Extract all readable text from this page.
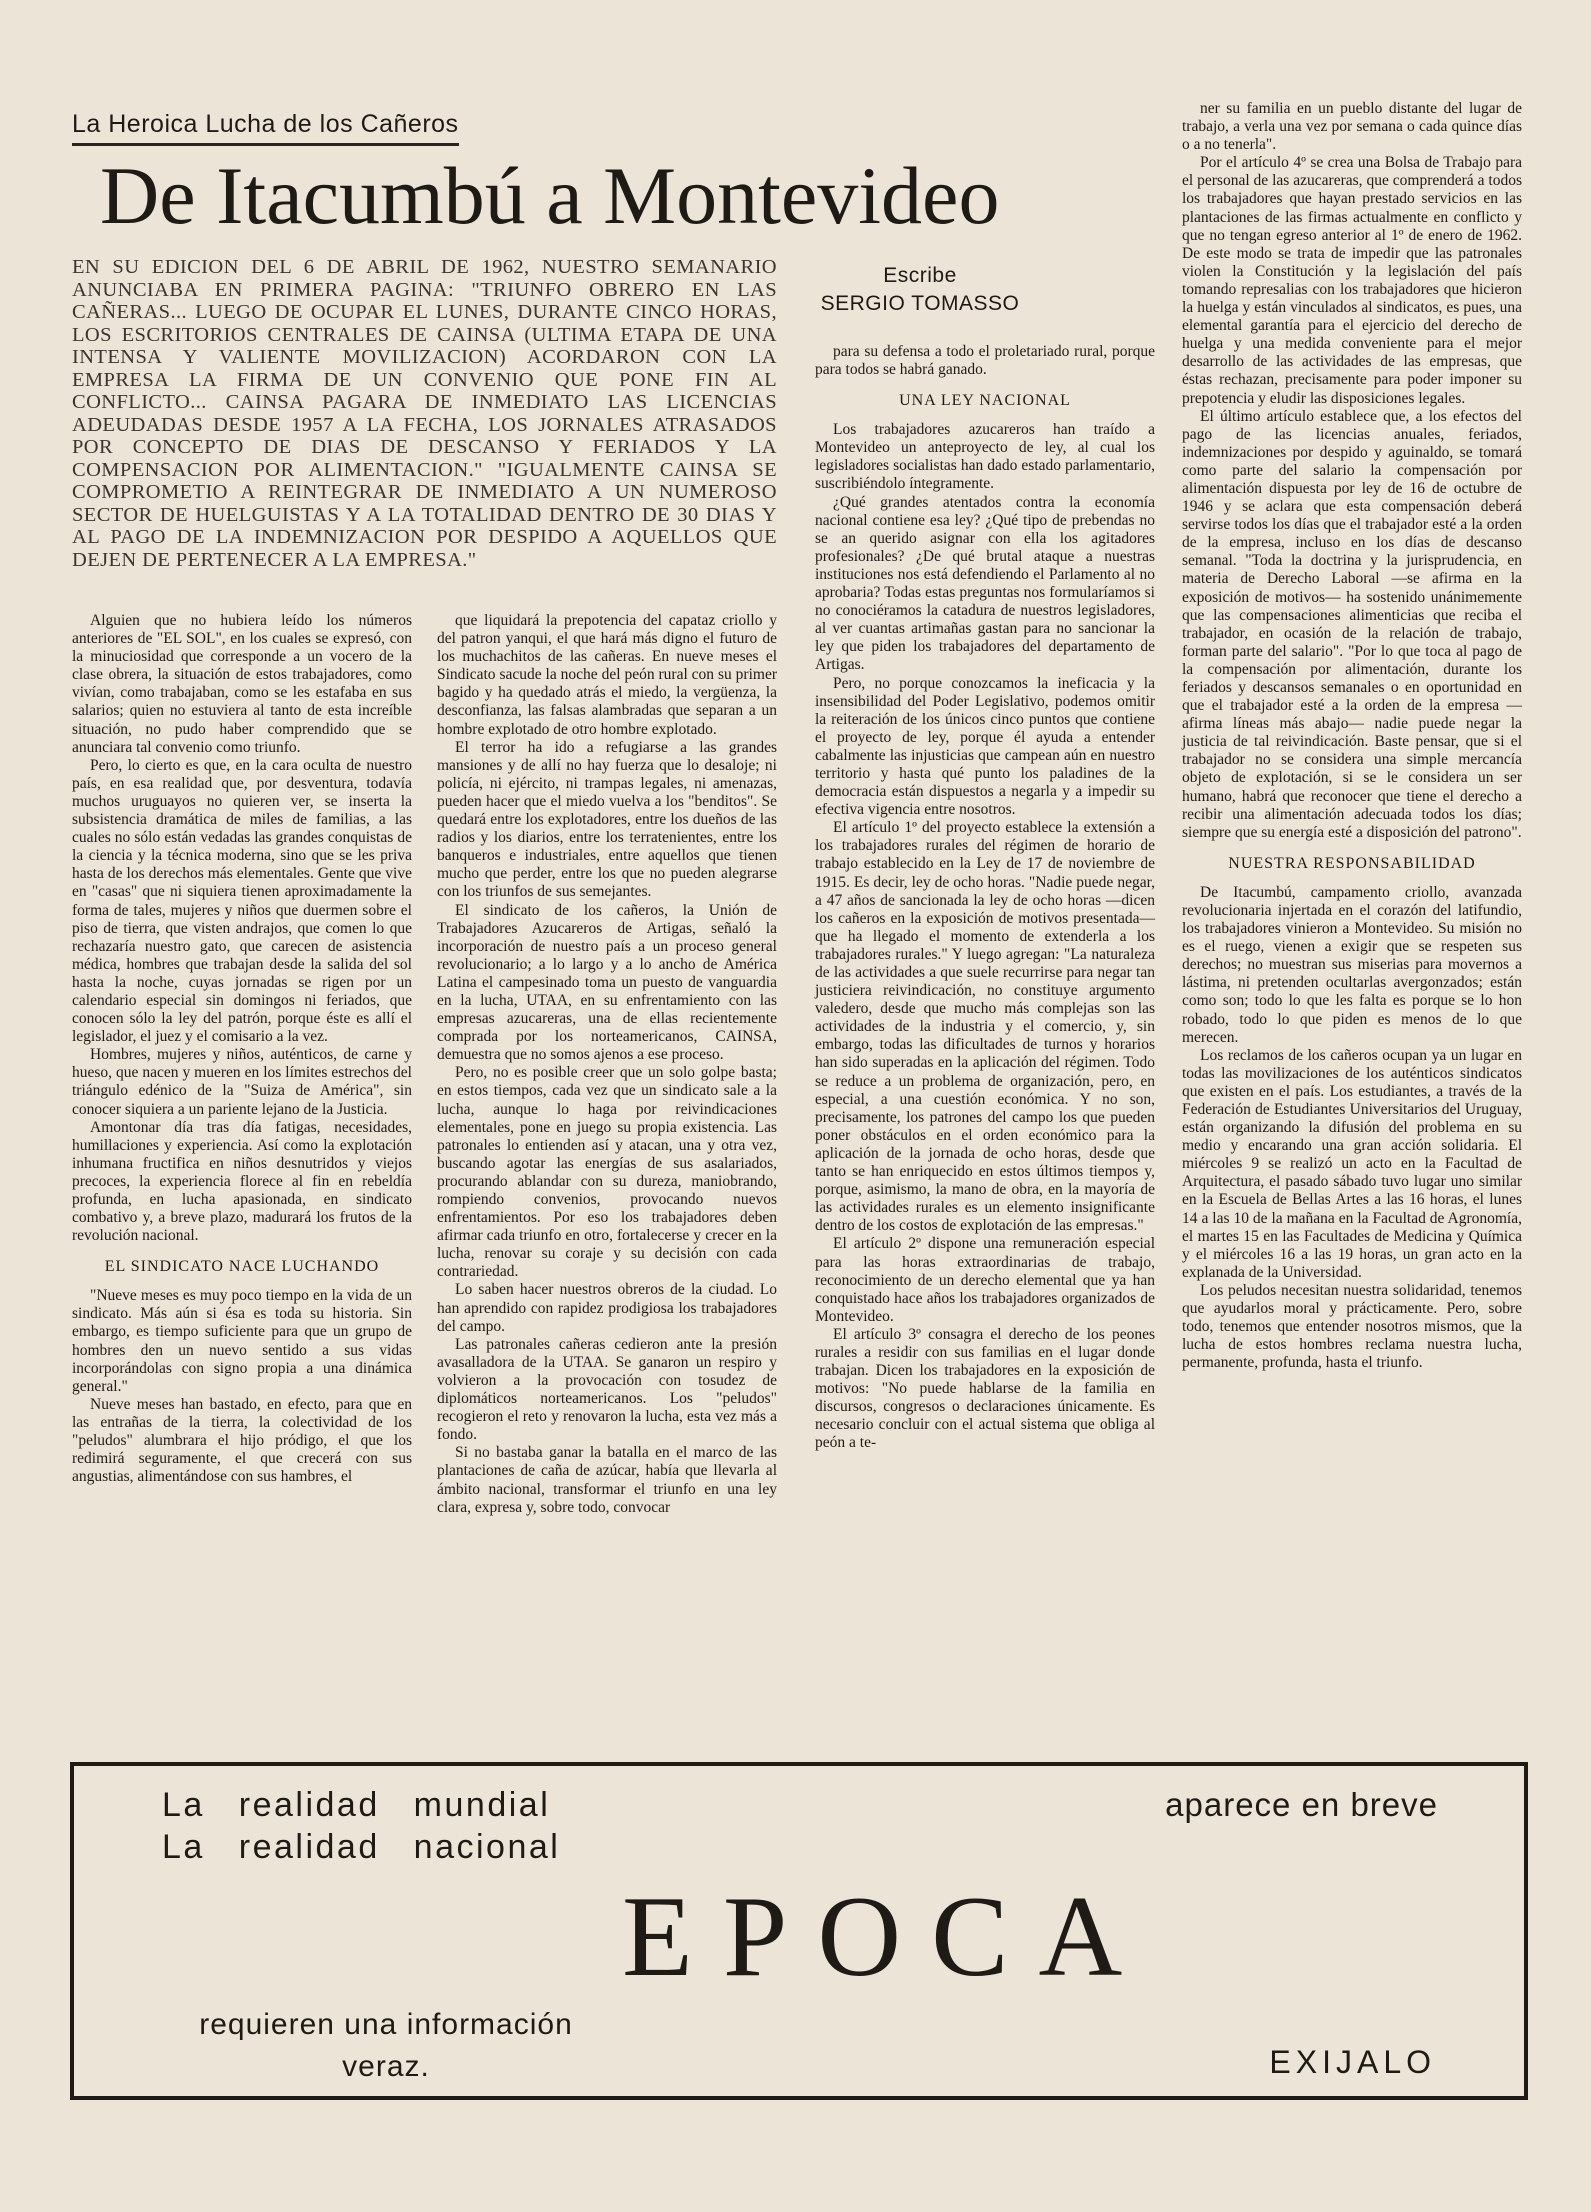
La Heroica Lucha de los Cañeros
De Itacumbú a Montevideo
EN SU EDICION DEL 6 DE ABRIL DE 1962, NUESTRO SEMANARIO ANUNCIABA EN PRIMERA PAGINA: "TRIUNFO OBRERO EN LAS CAÑERAS... LUEGO DE OCUPAR EL LUNES, DURANTE CINCO HORAS, LOS ESCRITORIOS CENTRALES DE CAINSA (ULTIMA ETAPA DE UNA INTENSA Y VALIENTE MOVILIZACION) ACORDARON CON LA EMPRESA LA FIRMA DE UN CONVENIO QUE PONE FIN AL CONFLICTO... CAINSA PAGARA DE INMEDIATO LAS LICENCIAS ADEUDADAS DESDE 1957 A LA FECHA, LOS JORNALES ATRASADOS POR CONCEPTO DE DIAS DE DESCANSO Y FERIADOS Y LA COMPENSACION POR ALIMENTACION." "IGUALMENTE CAINSA SE COMPROMETIO A REINTEGRAR DE INMEDIATO A UN NUMEROSO SECTOR DE HUELGUISTAS Y A LA TOTALIDAD DENTRO DE 30 DIAS Y AL PAGO DE LA INDEMNIZACION POR DESPIDO A AQUELLOS QUE DEJEN DE PERTENECER A LA EMPRESA."
Escribe
SERGIO TOMASSO

Alguien que no hubiera leído los números anteriores de "EL SOL", en los cuales se expresó, con la minuciosidad que corresponde a un vocero de la clase obrera, la situación de estos trabajadores, como vivían, como trabajaban, como se les estafaba en sus salarios; quien no estuviera al tanto de esta increíble situación, no pudo haber comprendido que se anunciara tal convenio como triunfo.

Pero, lo cierto es que, en la cara oculta de nuestro país, en esa realidad que, por desventura, todavía muchos uruguayos no quieren ver, se inserta la subsistencia dramática de miles de familias, a las cuales no sólo están vedadas las grandes conquistas de la ciencia y la técnica moderna, sino que se les priva hasta de los derechos más elementales. Gente que vive en "casas" que ni siquiera tienen aproximadamente la forma de tales, mujeres y niños que duermen sobre el piso de tierra, que visten andrajos, que comen lo que rechazaría nuestro gato, que carecen de asistencia médica, hombres que trabajan desde la salida del sol hasta la noche, cuyas jornadas se rigen por un calendario especial sin domingos ni feriados, que conocen sólo la ley del patrón, porque éste es allí el legislador, el juez y el comisario a la vez.

Hombres, mujeres y niños, auténticos, de carne y hueso, que nacen y mueren en los límites estrechos del triángulo edénico de la "Suiza de América", sin conocer siquiera a un pariente lejano de la Justicia.

Amontonar día tras día fatigas, necesidades, humillaciones y experiencia. Así como la explotación inhumana fructifica en niños desnutridos y viejos precoces, la experiencia florece al fin en rebeldía profunda, en lucha apasionada, en sindicato combativo y, a breve plazo, madurará los frutos de la revolución nacional.

EL SINDICATO NACE LUCHANDO

"Nueve meses es muy poco tiempo en la vida de un sindicato. Más aún si ésa es toda su historia. Sin embargo, es tiempo suficiente para que un grupo de hombres den un nuevo sentido a sus vidas incorporándolas con signo propia a una dinámica general."

Nueve meses han bastado, en efecto, para que en las entrañas de la tierra, la colectividad de los "peludos" alumbrara el hijo pródigo, el que los redimirá seguramente, el que crecerá con sus angustias, alimentándose con sus hambres, el

que liquidará la prepotencia del capataz criollo y del patron yanqui, el que hará más digno el futuro de los muchachitos de las cañeras. En nueve meses el Sindicato sacude la noche del peón rural con su primer bagido y ha quedado atrás el miedo, la vergüenza, la desconfianza, las falsas alambradas que separan a un hombre explotado de otro hombre explotado.

El terror ha ido a refugiarse a las grandes mansiones y de allí no hay fuerza que lo desaloje; ni policía, ni ejército, ni trampas legales, ni amenazas, pueden hacer que el miedo vuelva a los "benditos". Se quedará entre los explotadores, entre los dueños de las radios y los diarios, entre los terratenientes, entre los banqueros e industriales, entre aquellos que tienen mucho que perder, entre los que no pueden alegrarse con los triunfos de sus semejantes.

El sindicato de los cañeros, la Unión de Trabajadores Azucareros de Artigas, señaló la incorporación de nuestro país a un proceso general revolucionario; a lo largo y a lo ancho de América Latina el campesinado toma un puesto de vanguardia en la lucha, UTAA, en su enfrentamiento con las empresas azucareras, una de ellas recientemente comprada por los norteamericanos, CAINSA, demuestra que no somos ajenos a ese proceso.

Pero, no es posible creer que un solo golpe basta; en estos tiempos, cada vez que un sindicato sale a la lucha, aunque lo haga por reivindicaciones elementales, pone en juego su propia existencia. Las patronales lo entienden así y atacan, una y otra vez, buscando agotar las energías de sus asalariados, procurando ablandar con su dureza, maniobrando, rompiendo convenios, provocando nuevos enfrentamientos. Por eso los trabajadores deben afirmar cada triunfo en otro, fortalecerse y crecer en la lucha, renovar su coraje y su decisión con cada contrariedad.

Lo saben hacer nuestros obreros de la ciudad. Lo han aprendido con rapidez prodigiosa los trabajadores del campo.

Las patronales cañeras cedieron ante la presión avasalladora de la UTAA. Se ganaron un respiro y volvieron a la provocación con tosudez de diplomáticos norteamericanos. Los "peludos" recogieron el reto y renovaron la lucha, esta vez más a fondo.

Si no bastaba ganar la batalla en el marco de las plantaciones de caña de azúcar, había que llevarla al ámbito nacional, transformar el triunfo en una ley clara, expresa y, sobre todo, convocar

para su defensa a todo el proletariado rural, porque para todos se habrá ganado.

UNA LEY NACIONAL

Los trabajadores azucareros han traído a Montevideo un anteproyecto de ley, al cual los legisladores socialistas han dado estado parlamentario, suscribiéndolo íntegramente.

¿Qué grandes atentados contra la economía nacional contiene esa ley? ¿Qué tipo de prebendas no se an querido asignar con ella los agitadores profesionales? ¿De qué brutal ataque a nuestras instituciones nos está defendiendo el Parlamento al no aprobaria? Todas estas preguntas nos formularíamos si no conociéramos la catadura de nuestros legisladores, al ver cuantas artimañas gastan para no sancionar la ley que piden los trabajadores del departamento de Artigas.

Pero, no porque conozcamos la ineficacia y la insensibilidad del Poder Legislativo, podemos omitir la reiteración de los únicos cinco puntos que contiene el proyecto de ley, porque él ayuda a entender cabalmente las injusticias que campean aún en nuestro territorio y hasta qué punto los paladines de la democracia están dispuestos a negarla y a impedir su efectiva vigencia entre nosotros.

El artículo 1º del proyecto establece la extensión a los trabajadores rurales del régimen de horario de trabajo establecido en la Ley de 17 de noviembre de 1915. Es decir, ley de ocho horas. "Nadie puede negar, a 47 años de sancionada la ley de ocho horas —dicen los cañeros en la exposición de motivos presentada— que ha llegado el momento de extenderla a los trabajadores rurales." Y luego agregan: "La naturaleza de las actividades a que suele recurrirse para negar tan justiciera reivindicación, no constituye argumento valedero, desde que mucho más complejas son las actividades de la industria y el comercio, y, sin embargo, todas las dificultades de turnos y horarios han sido superadas en la aplicación del régimen. Todo se reduce a un problema de organización, pero, en especial, a una cuestión económica. Y no son, precisamente, los patrones del campo los que pueden poner obstáculos en el orden económico para la aplicación de la jornada de ocho horas, desde que tanto se han enriquecido en estos últimos tiempos y, porque, asimismo, la mano de obra, en la mayoría de las actividades rurales es un elemento insignificante dentro de los costos de explotación de las empresas."

El artículo 2º dispone una remuneración especial para las horas extraordinarias de trabajo, reconocimiento de un derecho elemental que ya han conquistado hace años los trabajadores organizados de Montevideo.

El artículo 3º consagra el derecho de los peones rurales a residir con sus familias en el lugar donde trabajan. Dicen los trabajadores en la exposición de motivos: "No puede hablarse de la familia en discursos, congresos o declaraciones únicamente. Es necesario concluir con el actual sistema que obliga al peón a te-

ner su familia en un pueblo distante del lugar de trabajo, a verla una vez por semana o cada quince días o a no tenerla".

Por el artículo 4º se crea una Bolsa de Trabajo para el personal de las azucareras, que comprenderá a todos los trabajadores que hayan prestado servicios en las plantaciones de las firmas actualmente en conflicto y que no tengan egreso anterior al 1º de enero de 1962. De este modo se trata de impedir que las patronales violen la Constitución y la legislación del país tomando represalias con los trabajadores que hicieron la huelga y están vinculados al sindicatos, es pues, una elemental garantía para el ejercicio del derecho de huelga y una medida conveniente para el mejor desarrollo de las actividades de las empresas, que éstas rechazan, precisamente para poder imponer su prepotencia y eludir las disposiciones legales.

El último artículo establece que, a los efectos del pago de las licencias anuales, feriados, indemnizaciones por despido y aguinaldo, se tomará como parte del salario la compensación por alimentación dispuesta por ley de 16 de octubre de 1946 y se aclara que esta compensación deberá servirse todos los días que el trabajador esté a la orden de la empresa, incluso en los días de descanso semanal. "Toda la doctrina y la jurisprudencia, en materia de Derecho Laboral —se afirma en la exposición de motivos— ha sostenido unánimemente que las compensaciones alimenticias que reciba el trabajador, en ocasión de la relación de trabajo, forman parte del salario". "Por lo que toca al pago de la compensación por alimentación, durante los feriados y descansos semanales o en oportunidad en que el trabajador esté a la orden de la empresa —afirma líneas más abajo— nadie puede negar la justicia de tal reivindicación. Baste pensar, que si el trabajador no se considera una simple mercancía objeto de explotación, si se le considera un ser humano, habrá que reconocer que tiene el derecho a recibir una alimentación adecuada todos los días; siempre que su energía esté a disposición del patrono".

NUESTRA RESPONSABILIDAD

De Itacumbú, campamento criollo, avanzada revolucionaria injertada en el corazón del latifundio, los trabajadores vinieron a Montevideo. Su misión no es el ruego, vienen a exigir que se respeten sus derechos; no muestran sus miserias para movernos a lástima, ni pretenden ocultarlas avergonzados; están como son; todo lo que les falta es porque se lo hon robado, todo lo que piden es menos de lo que merecen.

Los reclamos de los cañeros ocupan ya un lugar en todas las movilizaciones de los auténticos sindicatos que existen en el país. Los estudiantes, a través de la Federación de Estudiantes Universitarios del Uruguay, están organizando la difusión del problema en su medio y encarando una gran acción solidaria. El miércoles 9 se realizó un acto en la Facultad de Arquitectura, el pasado sábado tuvo lugar uno similar en la Escuela de Bellas Artes a las 16 horas, el lunes 14 a las 10 de la mañana en la Facultad de Agronomía, el martes 15 en las Facultades de Medicina y Química y el miércoles 16 a las 19 horas, un gran acto en la explanada de la Universidad.

Los peludos necesitan nuestra solidaridad, tenemos que ayudarlos moral y prácticamente. Pero, sobre todo, tenemos que entender nosotros mismos, que la lucha de estos hombres reclama nuestra lucha, permanente, profunda, hasta el triunfo.

La realidad mundial
La realidad nacional
aparece en breve
EPOCA
requieren una información veraz.	EXIJALO
